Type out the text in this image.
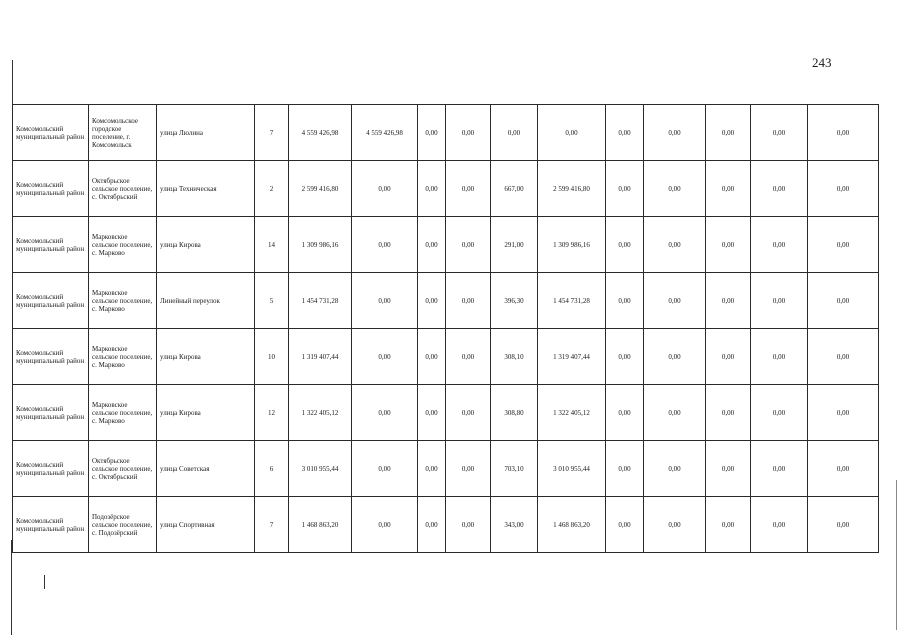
243
Комсомольский муниципальный район	Комсомольское городское поселение, г. Комсомольск	улица Люлина	7	4 559 426,98	4 559 426,98	0,00	0,00	0,00	0,00	0,00	0,00	0,00	0,00	0,00
Комсомольский муниципальный район	Октябрьское сельское поселение, с. Октябрьский	улица Техническая	2	2 599 416,80	0,00	0,00	0,00	667,00	2 599 416,80	0,00	0,00	0,00	0,00	0,00
Комсомольский муниципальный район	Марковское сельское поселение, с. Марково	улица Кирова	14	1 309 986,16	0,00	0,00	0,00	291,00	1 309 986,16	0,00	0,00	0,00	0,00	0,00
Комсомольский муниципальный район	Марковское сельское поселение, с. Марково	Линейный переулок	5	1 454 731,28	0,00	0,00	0,00	396,30	1 454 731,28	0,00	0,00	0,00	0,00	0,00
Комсомольский муниципальный район	Марковское сельское поселение, с. Марково	улица Кирова	10	1 319 407,44	0,00	0,00	0,00	308,10	1 319 407,44	0,00	0,00	0,00	0,00	0,00
Комсомольский муниципальный район	Марковское сельское поселение, с. Марково	улица Кирова	12	1 322 405,12	0,00	0,00	0,00	308,80	1 322 405,12	0,00	0,00	0,00	0,00	0,00
Комсомольский муниципальный район	Октябрьское сельское поселение, с. Октябрьский	улица Советская	6	3 010 955,44	0,00	0,00	0,00	703,10	3 010 955,44	0,00	0,00	0,00	0,00	0,00
Комсомольский муниципальный район	Подозёрское сельское поселение, с. Подозёрский	улица Спортивная	7	1 468 863,20	0,00	0,00	0,00	343,00	1 468 863,20	0,00	0,00	0,00	0,00	0,00
